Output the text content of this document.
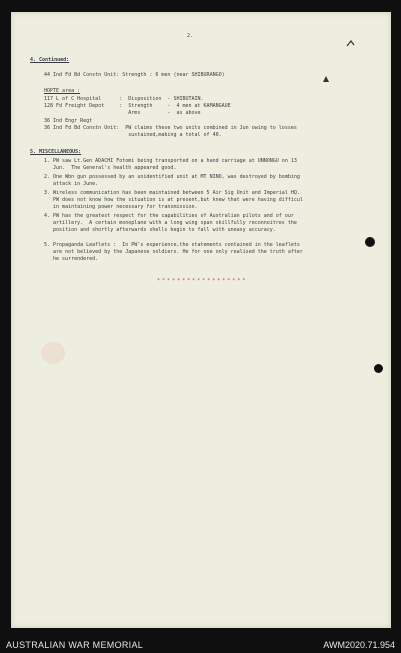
2.
4. Continued:
44 Ind Fd Bd Constn Unit: Strength : 6 men (near SHIBURANGO)
HOPTE area :
117 L of C Hospital      :  Disposition  - SHIBUTAIN.
128 Fd Freight Depot     :  Strength     -  4 men at KAMANGAUE
Arms         -  as above
36 Ind Engr Regt
36 Ind Fd Bd Constn Unit:  PW claims these two units combined in Jun owing to losses
sustained,making a total of 40.
5. MISCELLANEOUS:
1. PW saw Lt.Gen ADACHI Fotomi being transported on a hand carriage at UNNONGU on 13
Jun.  The General's health appeared good.
2. One Wbn gun possessed by an unidentified unit at MT NINO, was destroyed by bombing
attack in June.
3. Wireless communication has been maintained between 5 Air Sig Unit and Imperial HQ.
PW does not know how the situation is at present,but knew that were having difficul
in maintaining power necessary for transmission.
4. PW has the greatest respect for the capabilities of Australian pilots and of our
artillery.  A certain monoplane with a long wing span skillfully reconnoitres the
position and shortly afterwards shells begin to fall with uneasy accuracy.
5. Propaganda Leaflets :  In PW's experience,the statements contained in the leaflets
are not believed by the Japanese soldiers. He for one only realised the truth after
he surrendered.
* * * * * * * * * * * * * * * * * *
AUSTRALIAN WAR MEMORIAL	AWM2020.71.954
